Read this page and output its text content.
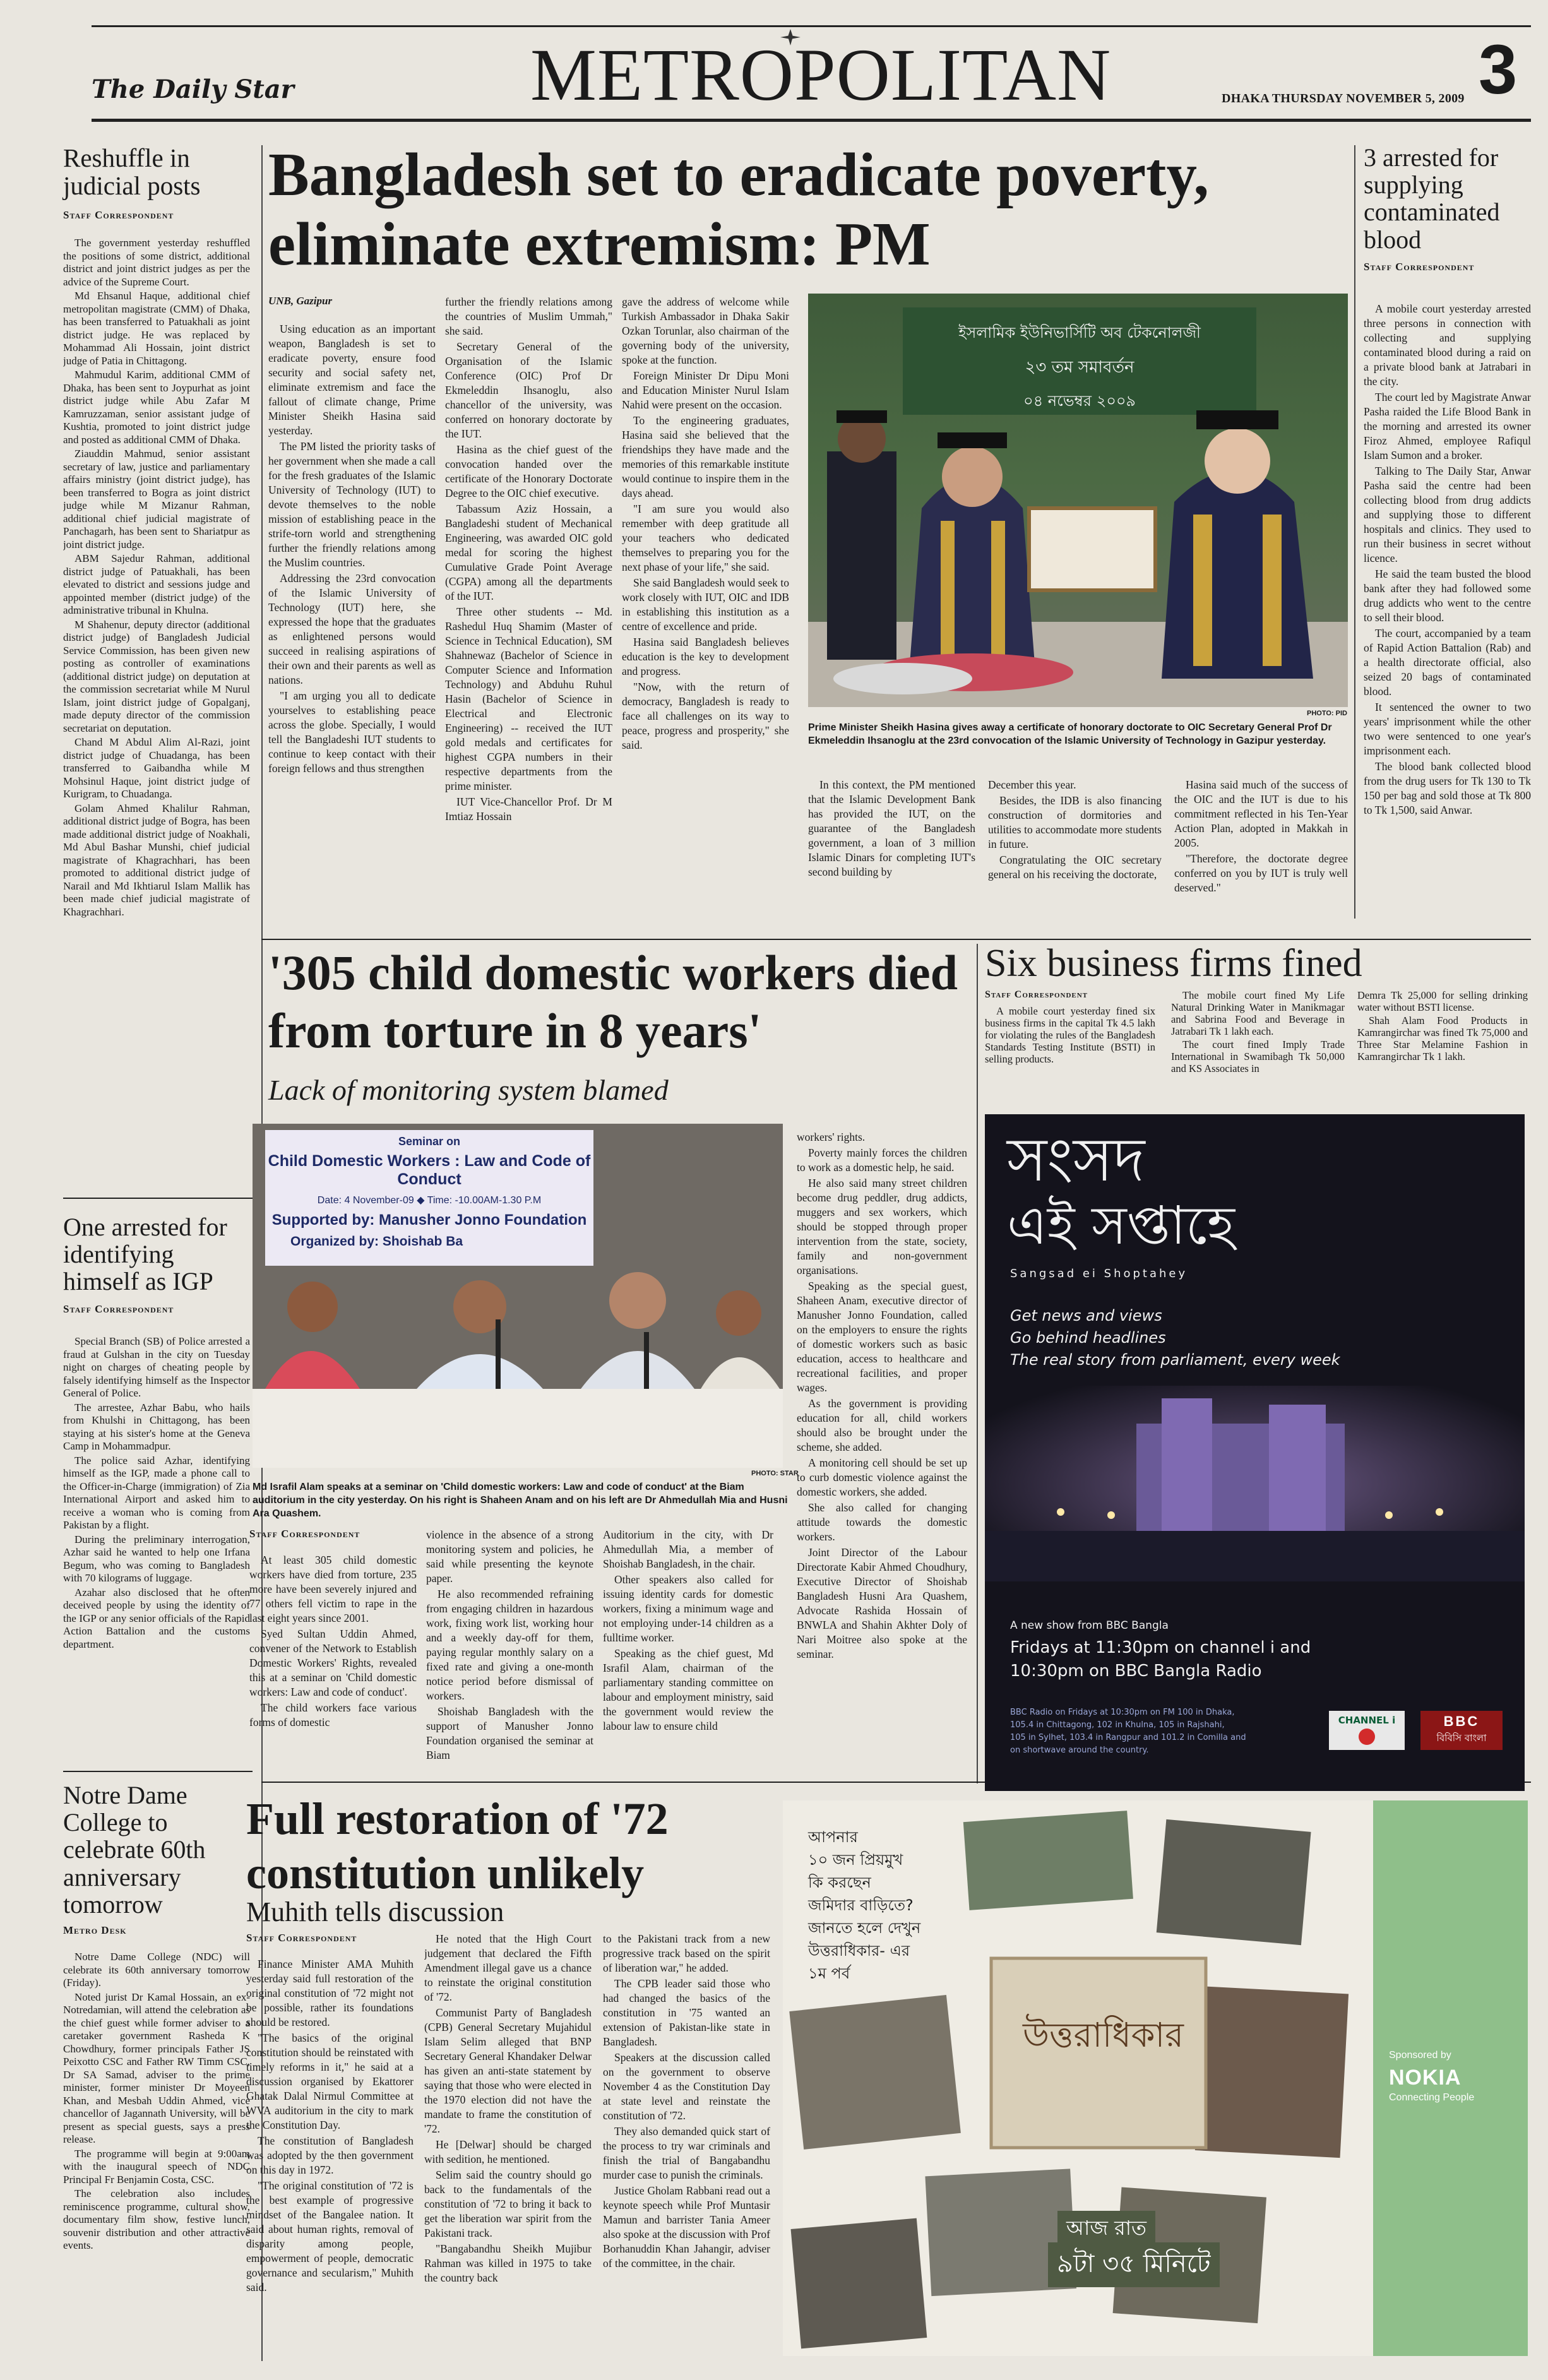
The Daily Star	METROPOLITAN	DHAKA THURSDAY NOVEMBER 5, 2009 3
Reshuffle in judicial posts
Staff Correspondent

The government yesterday reshuffled the positions of some district, additional district and joint district judges as per the advice of the Supreme Court.

Md Ehsanul Haque, additional chief metropolitan magistrate (CMM) of Dhaka, has been transferred to Patuakhali as joint district judge. He was replaced by Mohammad Ali Hossain, joint district judge of Patia in Chittagong.

Mahmudul Karim, additional CMM of Dhaka, has been sent to Joypurhat as joint district judge while Abu Zafar M Kamruzzaman, senior assistant judge of Kushtia, promoted to joint district judge and posted as additional CMM of Dhaka.

Ziauddin Mahmud, senior assistant secretary of law, justice and parliamentary affairs ministry (joint district judge), has been transferred to Bogra as joint district judge while M Mizanur Rahman, additional chief judicial magistrate of Panchagarh, has been sent to Shariatpur as joint district judge.

ABM Sajedur Rahman, additional district judge of Patuakhali, has been elevated to district and sessions judge and appointed member (district judge) of the administrative tribunal in Khulna.

M Shahenur, deputy director (additional district judge) of Bangladesh Judicial Service Commission, has been given new posting as controller of examinations (additional district judge) on deputation at the commission secretariat while M Nurul Islam, joint district judge of Gopalganj, made deputy director of the commission secretariat on deputation.

Chand M Abdul Alim Al-Razi, joint district judge of Chuadanga, has been transferred to Gaibandha while M Mohsinul Haque, joint district judge of Kurigram, to Chuadanga.

Golam Ahmed Khalilur Rahman, additional district judge of Bogra, has been made additional district judge of Noakhali, Md Abul Bashar Munshi, chief judicial magistrate of Khagrachhari, has been promoted to additional district judge of Narail and Md Ikhtiarul Islam Mallik has been made chief judicial magistrate of Khagrachhari.

One arrested for identifying himself as IGP
Staff Correspondent

Special Branch (SB) of Police arrested a fraud at Gulshan in the city on Tuesday night on charges of cheating people by falsely identifying himself as the Inspector General of Police.

The arrestee, Azhar Babu, who hails from Khulshi in Chittagong, has been staying at his sister's home at the Geneva Camp in Mohammadpur.

The police said Azhar, identifying himself as the IGP, made a phone call to the Officer-in-Charge (immigration) of Zia International Airport and asked him to receive a woman who is coming from Pakistan by a flight.

During the preliminary interrogation, Azhar said he wanted to help one Irfana Begum, who was coming to Bangladesh with 70 kilograms of luggage.

Azahar also disclosed that he often deceived people by using the identity of the IGP or any senior officials of the Rapid Action Battalion and the customs department.

Notre Dame College to celebrate 60th anniversary tomorrow
Metro Desk

Notre Dame College (NDC) will celebrate its 60th anniversary tomorrow (Friday).

Noted jurist Dr Kamal Hossain, an ex-Notredamian, will attend the celebration as the chief guest while former adviser to a caretaker government Rasheda K Chowdhury, former principals Father JS Peixotto CSC and Father RW Timm CSC, Dr SA Samad, adviser to the prime minister, former minister Dr Moyeen Khan, and Mesbah Uddin Ahmed, vice chancellor of Jagannath University, will be present as special guests, says a press release.

The programme will begin at 9:00am with the inaugural speech of NDC Principal Fr Benjamin Costa, CSC.

The celebration also includes reminiscence programme, cultural show, documentary film show, festive lunch, souvenir distribution and other attractive events.

Bangladesh set to eradicate poverty, eliminate extremism: PM
UNB, Gazipur

Using education as an important weapon, Bangladesh is set to eradicate poverty, ensure food security and social safety net, eliminate extremism and face the fallout of climate change, Prime Minister Sheikh Hasina said yesterday.

The PM listed the priority tasks of her government when she made a call for the fresh graduates of the Islamic University of Technology (IUT) to devote themselves to the noble mission of establishing peace in the strife-torn world and strengthening further the friendly relations among the Muslim countries.

Addressing the 23rd convocation of the Islamic University of Technology (IUT) here, she expressed the hope that the graduates as enlightened persons would succeed in realising aspirations of their own and their parents as well as nations.

"I am urging you all to dedicate yourselves to establishing peace across the globe. Specially, I would tell the Bangladeshi IUT students to continue to keep contact with their foreign fellows and thus strengthen

further the friendly relations among the countries of Muslim Ummah," she said.

Secretary General of the Organisation of the Islamic Conference (OIC) Prof Dr Ekmeleddin Ihsanoglu, also chancellor of the university, was conferred on honorary doctorate by the IUT.

Hasina as the chief guest of the convocation handed over the certificate of the Honorary Doctorate Degree to the OIC chief executive.

Tabassum Aziz Hossain, a Bangladeshi student of Mechanical Engineering, was awarded OIC gold medal for scoring the highest Cumulative Grade Point Average (CGPA) among all the departments of the IUT.

Three other students -- Md. Rashedul Huq Shamim (Master of Science in Technical Education), SM Shahnewaz (Bachelor of Science in Computer Science and Information Technology) and Abduhu Ruhul Hasin (Bachelor of Science in Electrical and Electronic Engineering) -- received the IUT gold medals and certificates for highest CGPA numbers in their respective departments from the prime minister.

IUT Vice-Chancellor Prof. Dr M Imtiaz Hossain

gave the address of welcome while Turkish Ambassador in Dhaka Sakir Ozkan Torunlar, also chairman of the governing body of the university, spoke at the function.

Foreign Minister Dr Dipu Moni and Education Minister Nurul Islam Nahid were present on the occasion.

To the engineering graduates, Hasina said she believed that the friendships they have made and the memories of this remarkable institute would continue to inspire them in the days ahead.

"I am sure you would also remember with deep gratitude all your teachers who dedicated themselves to preparing you for the next phase of your life," she said.

She said Bangladesh would seek to work closely with IUT, OIC and IDB in establishing this institution as a centre of excellence and pride.

Hasina said Bangladesh believes education is the key to development and progress.

"Now, with the return of democracy, Bangladesh is ready to face all challenges on its way to peace, progress and prosperity," she said.

ইসলামিক ইউনিভার্সিটি অব টেকনোলজী
২৩ তম সমাবর্তন
০৪ নভেম্বর ২০০৯
PHOTO: PID
Prime Minister Sheikh Hasina gives away a certificate of honorary doctorate to OIC Secretary General Prof Dr Ekmeleddin Ihsanoglu at the 23rd convocation of the Islamic University of Technology in Gazipur yesterday.

In this context, the PM mentioned that the Islamic Development Bank has provided the IUT, on the guarantee of the Bangladesh government, a loan of 3 million Islamic Dinars for completing IUT's second building by

December this year.

Besides, the IDB is also financing construction of dormitories and utilities to accommodate more students in future.

Congratulating the OIC secretary general on his receiving the doctorate,

Hasina said much of the success of the OIC and the IUT is due to his commitment reflected in his Ten-Year Action Plan, adopted in Makkah in 2005.

"Therefore, the doctorate degree conferred on you by IUT is truly well deserved."

3 arrested for supplying contaminated blood
Staff Correspondent

A mobile court yesterday arrested three persons in connection with collecting and supplying contaminated blood during a raid on a private blood bank at Jatrabari in the city.

The court led by Magistrate Anwar Pasha raided the Life Blood Bank in the morning and arrested its owner Firoz Ahmed, employee Rafiqul Islam Sumon and a broker.

Talking to The Daily Star, Anwar Pasha said the centre had been collecting blood from drug addicts and supplying those to different hospitals and clinics. They used to run their business in secret without licence.

He said the team busted the blood bank after they had followed some drug addicts who went to the centre to sell their blood.

The court, accompanied by a team of Rapid Action Battalion (Rab) and a health directorate official, also seized 20 bags of contaminated blood.

It sentenced the owner to two years' imprisonment while the other two were sentenced to one year's imprisonment each.

The blood bank collected blood from the drug users for Tk 130 to Tk 150 per bag and sold those at Tk 800 to Tk 1,500, said Anwar.

'305 child domestic workers died from torture in 8 years'
Lack of monitoring system blamed
Seminar on
Child Domestic Workers : Law and Code of Conduct
Date: 4 November-09 ◆ Time: -10.00AM-1.30 P.M
Supported by: Manusher Jonno Foundation
Organized by: Shoishab Ba
PHOTO: STAR
Md Israfil Alam speaks at a seminar on 'Child domestic workers: Law and code of conduct' at the Biam auditorium in the city yesterday. On his right is Shaheen Anam and on his left are Dr Ahmedullah Mia and Husni Ara Quashem.
Staff Correspondent

At least 305 child domestic workers have died from torture, 235 more have been severely injured and 77 others fell victim to rape in the last eight years since 2001.

Syed Sultan Uddin Ahmed, convener of the Network to Establish Domestic Workers' Rights, revealed this at a seminar on 'Child domestic workers: Law and code of conduct'.

The child workers face various forms of domestic

violence in the absence of a strong monitoring system and policies, he said while presenting the keynote paper.

He also recommended refraining from engaging children in hazardous work, fixing work list, working hour and a weekly day-off for them, paying regular monthly salary on a fixed rate and giving a one-month notice period before dismissal of workers.

Shoishab Bangladesh with the support of Manusher Jonno Foundation organised the seminar at Biam

Auditorium in the city, with Dr Ahmedullah Mia, a member of Shoishab Bangladesh, in the chair.

Other speakers also called for issuing identity cards for domestic workers, fixing a minimum wage and not employing under-14 children as a fulltime worker.

Speaking as the chief guest, Md Israfil Alam, chairman of the parliamentary standing committee on labour and employment ministry, said the government would review the labour law to ensure child

workers' rights.

Poverty mainly forces the children to work as a domestic help, he said.

He also said many street children become drug peddler, drug addicts, muggers and sex workers, which should be stopped through proper intervention from the state, society, family and non-government organisations.

Speaking as the special guest, Shaheen Anam, executive director of Manusher Jonno Foundation, called on the employers to ensure the rights of domestic workers such as basic education, access to healthcare and recreational facilities, and proper wages.

As the government is providing education for all, child workers should also be brought under the scheme, she added.

A monitoring cell should be set up to curb domestic violence against the domestic workers, she added.

She also called for changing attitude towards the domestic workers.

Joint Director of the Labour Directorate Kabir Ahmed Choudhury, Executive Director of Shoishab Bangladesh Husni Ara Quashem, Advocate Rashida Hossain of BNWLA and Shahin Akhter Doly of Nari Moitree also spoke at the seminar.

Six business firms fined
Staff Correspondent

A mobile court yesterday fined six business firms in the capital Tk 4.5 lakh for violating the rules of the Bangladesh Standards Testing Institute (BSTI) in selling products.

The mobile court fined My Life Natural Drinking Water in Manikmagar and Sabrina Food and Beverage in Jatrabari Tk 1 lakh each.

The court fined Imply Trade International in Swamibagh Tk 50,000 and KS Associates in

Demra Tk 25,000 for selling drinking water without BSTI license.

Shah Alam Food Products in Kamrangirchar was fined Tk 75,000 and Three Star Melamine Fashion in Kamrangirchar Tk 1 lakh.

সংসদ
এই সপ্তাহে
Sangsad ei Shoptahey
Get news and views
Go behind headlines
The real story from parliament, every week
A new show from BBC Bangla
Fridays at 11:30pm on channel i and
10:30pm on BBC Bangla Radio
BBC Radio on Fridays at 10:30pm on FM 100 in Dhaka,
105.4 in Chittagong, 102 in Khulna, 105 in Rajshahi,
105 in Sylhet, 103.4 in Rangpur and 101.2 in Comilla and
on shortwave around the country.
CHANNEL i	BBC
বিবিসি বাংলা
Full restoration of '72 constitution unlikely
Muhith tells discussion
Staff Correspondent

Finance Minister AMA Muhith yesterday said full restoration of the original constitution of '72 might not be possible, rather its foundations should be restored.

"The basics of the original constitution should be reinstated with timely reforms in it," he said at a discussion organised by Ekattorer Ghatak Dalal Nirmul Committee at WVA auditorium in the city to mark the Constitution Day.

The constitution of Bangladesh was adopted by the then government on this day in 1972.

"The original constitution of '72 is the best example of progressive mindset of the Bangalee nation. It said about human rights, removal of disparity among people, empowerment of people, democratic governance and secularism," Muhith said.

He noted that the High Court judgement that declared the Fifth Amendment illegal gave us a chance to reinstate the original constitution of '72.

Communist Party of Bangladesh (CPB) General Secretary Mujahidul Islam Selim alleged that BNP Secretary General Khandaker Delwar has given an anti-state statement by saying that those who were elected in the 1970 election did not have the mandate to frame the constitution of '72.

He [Delwar] should be charged with sedition, he mentioned.

Selim said the country should go back to the fundamentals of the constitution of '72 to bring it back to get the liberation war spirit from the Pakistani track.

"Bangabandhu Sheikh Mujibur Rahman was killed in 1975 to take the country back

to the Pakistani track from a new progressive track based on the spirit of liberation war," he added.

The CPB leader said those who had changed the basics of the constitution in '75 wanted an extension of Pakistan-like state in Bangladesh.

Speakers at the discussion called on the government to observe November 4 as the Constitution Day at state level and reinstate the constitution of '72.

They also demanded quick start of the process to try war criminals and finish the trial of Bangabandhu murder case to punish the criminals.

Justice Gholam Rabbani read out a keynote speech while Prof Muntasir Mamun and barrister Tania Ameer also spoke at the discussion with Prof Borhanuddin Khan Jahangir, adviser of the committee, in the chair.

আপনার
১০ জন প্রিয়মুখ
কি করছেন
জমিদার বাড়িতে?
জানতে হলে দেখুন
উত্তরাধিকার- এর
১ম পর্ব
উত্তরাধিকার
আজ রাত
৯টা ৩৫ মিনিটে
Sponsored by
NOKIA
Connecting People
